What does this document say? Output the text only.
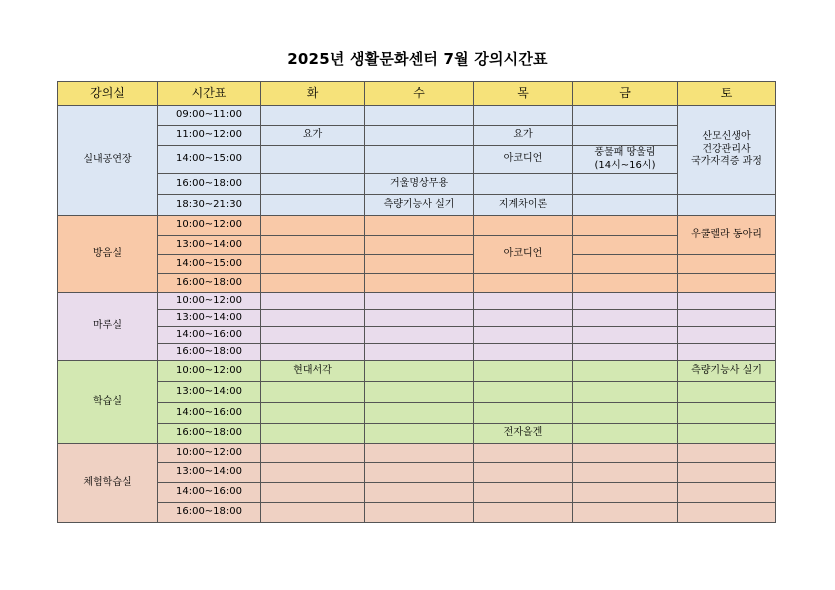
2025년 생활문화센터 7월 강의시간표
강의실	시간표	화	수	목	금	토
실내공연장	09:00~11:00					산모신생아
건강관리사
국가자격증 과정

	11:00~12:00	요가		요가		
	14:00~15:00			아코디언	풍물패 땅울림
(14시~16시)	

	16:00~18:00		거울명상무용			
	18:30~21:30		측량기능사 실기	지계차이론		
방음실	10:00~12:00					우쿨렐라 동아리
	13:00~14:00			아코디언		
	14:00~15:00					
	16:00~18:00					
마루실	10:00~12:00					
	13:00~14:00					
	14:00~16:00					
	16:00~18:00					
학습실	10:00~12:00	현대서각				측량기능사 실기
	13:00~14:00					
	14:00~16:00					
	16:00~18:00			전자올겐		
체험학습실	10:00~12:00					
	13:00~14:00					
	14:00~16:00					
	16:00~18:00					
